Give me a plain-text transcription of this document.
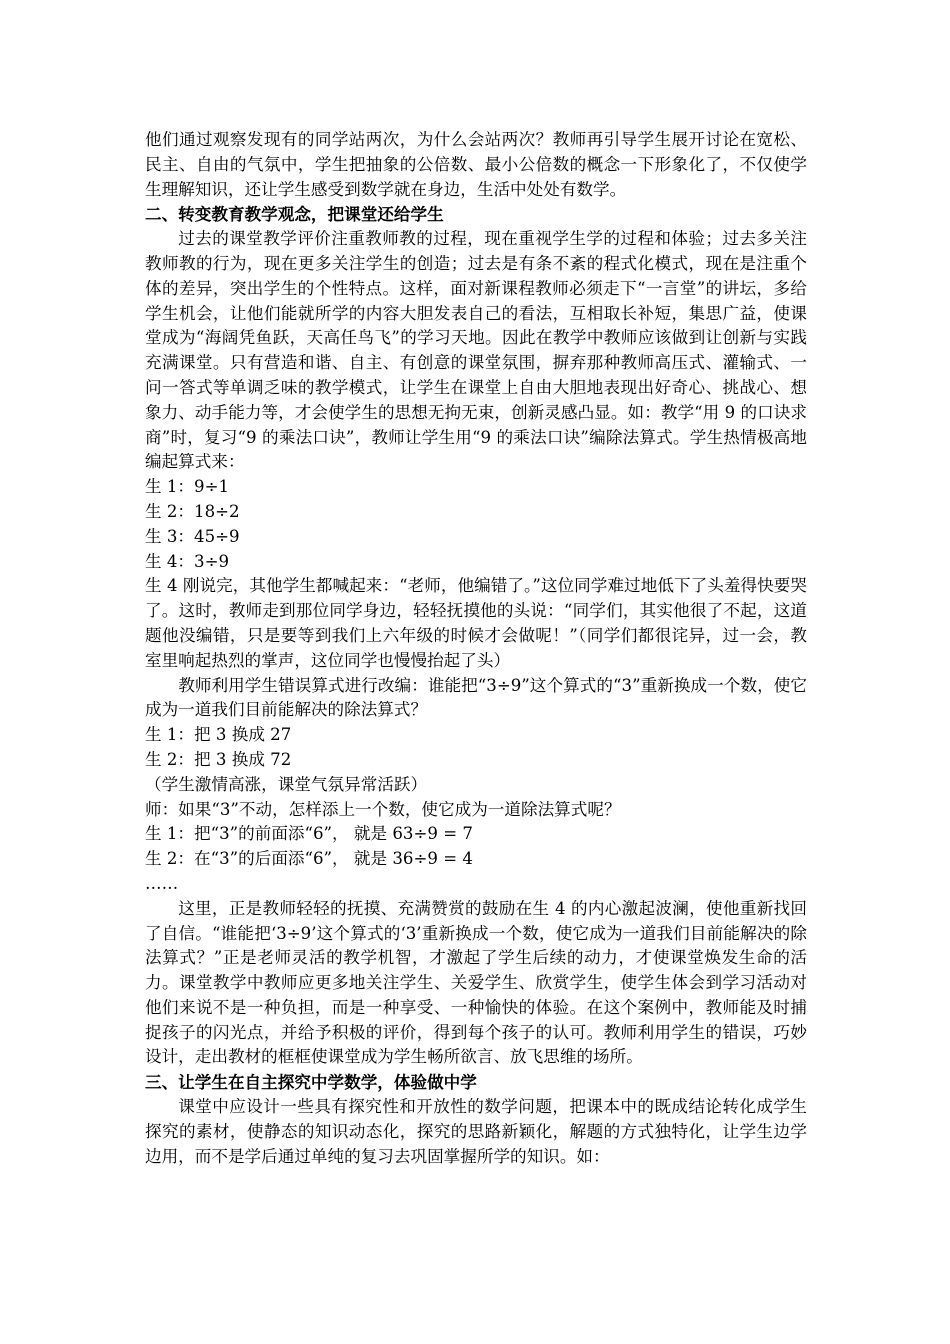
他们通过观察发现有的同学站两次，为什么会站两次？教师再引导学生展开讨论在宽松、民主、自由的气氛中，学生把抽象的公倍数、最小公倍数的概念一下形象化了，不仅使学生理解知识，还让学生感受到数学就在身边，生活中处处有数学。

二、转变教育教学观念，把课堂还给学生

过去的课堂教学评价注重教师教的过程，现在重视学生学的过程和体验；过去多关注教师教的行为，现在更多关注学生的创造；过去是有条不紊的程式化模式，现在是注重个体的差异，突出学生的个性特点。这样，面对新课程教师必须走下“一言堂”的讲坛，多给学生机会，让他们能就所学的内容大胆发表自己的看法，互相取长补短，集思广益，使课堂成为“海阔凭鱼跃，天高任鸟飞”的学习天地。因此在教学中教师应该做到让创新与实践充满课堂。只有营造和谐、自主、有创意的课堂氛围，摒弃那种教师高压式、灌输式、一问一答式等单调乏味的教学模式，让学生在课堂上自由大胆地表现出好奇心、挑战心、想象力、动手能力等，才会使学生的思想无拘无束，创新灵感凸显。如：教学“用 9 的口诀求商”时，复习“9 的乘法口诀”，教师让学生用“9 的乘法口诀”编除法算式。学生热情极高地编起算式来：

生 1：9÷1

生 2：18÷2

生 3：45÷9

生 4：3÷9

生 4 刚说完，其他学生都喊起来：“老师，他编错了。”这位同学难过地低下了头羞得快要哭了。这时，教师走到那位同学身边，轻轻抚摸他的头说：“同学们，其实他很了不起，这道题他没编错，只是要等到我们上六年级的时候才会做呢！”（同学们都很诧异，过一会，教室里响起热烈的掌声，这位同学也慢慢抬起了头）

教师利用学生错误算式进行改编：谁能把“3÷9”这个算式的“3”重新换成一个数，使它成为一道我们目前能解决的除法算式？

生 1：把 3 换成 27

生 2：把 3 换成 72

（学生激情高涨，课堂气氛异常活跃）

师：如果“3”不动，怎样添上一个数，使它成为一道除法算式呢？

生 1：把“3”的前面添“6”， 就是 63÷9 = 7

生 2：在“3”的后面添“6”， 就是 36÷9 = 4

……

这里，正是教师轻轻的抚摸、充满赞赏的鼓励在生 4 的内心激起波澜，使他重新找回了自信。“谁能把‘3÷9’这个算式的‘3’重新换成一个数，使它成为一道我们目前能解决的除法算式？”正是老师灵活的教学机智，才激起了学生后续的动力，才使课堂焕发生命的活力。课堂教学中教师应更多地关注学生、关爱学生、欣赏学生，使学生体会到学习活动对他们来说不是一种负担，而是一种享受、一种愉快的体验。在这个案例中，教师能及时捕捉孩子的闪光点，并给予积极的评价，得到每个孩子的认可。教师利用学生的错误，巧妙设计，走出教材的框框使课堂成为学生畅所欲言、放飞思维的场所。

三、让学生在自主探究中学数学，体验做中学

课堂中应设计一些具有探究性和开放性的数学问题，把课本中的既成结论转化成学生探究的素材，使静态的知识动态化，探究的思路新颖化，解题的方式独特化，让学生边学边用，而不是学后通过单纯的复习去巩固掌握所学的知识。如：
